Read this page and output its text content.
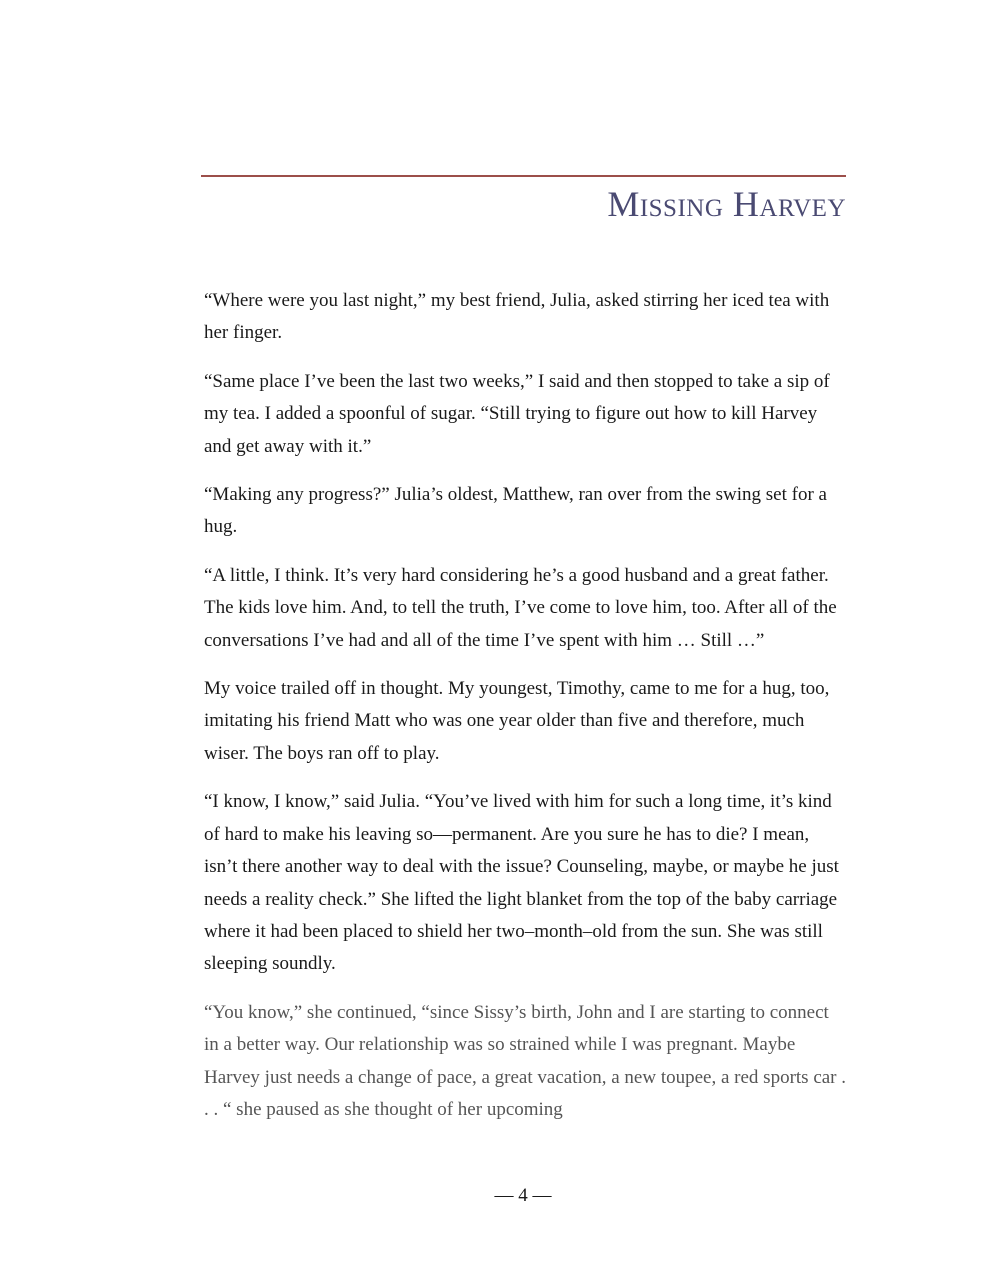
Missing Harvey

“Where were you last night,” my best friend, Julia, asked stirring her iced tea with her finger.

“Same place I’ve been the last two weeks,” I said and then stopped to take a sip of my tea. I added a spoonful of sugar. “Still trying to figure out how to kill Harvey and get away with it.”

“Making any progress?” Julia’s oldest, Matthew, ran over from the swing set for a hug.

“A little, I think. It’s very hard considering he’s a good husband and a great father. The kids love him. And, to tell the truth, I’ve come to love him, too. After all of the conversations I’ve had and all of the time I’ve spent with him … Still …”

My voice trailed off in thought. My youngest, Timothy, came to me for a hug, too, imitating his friend Matt who was one year older than five and therefore, much wiser. The boys ran off to play.

“I know, I know,” said Julia. “You’ve lived with him for such a long time, it’s kind of hard to make his leaving so—permanent. Are you sure he has to die? I mean, isn’t there another way to deal with the issue? Counseling, maybe, or maybe he just needs a reality check.” She lifted the light blanket from the top of the baby carriage where it had been placed to shield her two–month–old from the sun. She was still sleeping soundly.

“You know,” she continued, “since Sissy’s birth, John and I are starting to connect in a better way. Our relationship was so strained while I was pregnant. Maybe Harvey just needs a change of pace, a great vacation, a new toupee, a red sports car . . . “ she paused as she thought of her upcoming

— 4 —
